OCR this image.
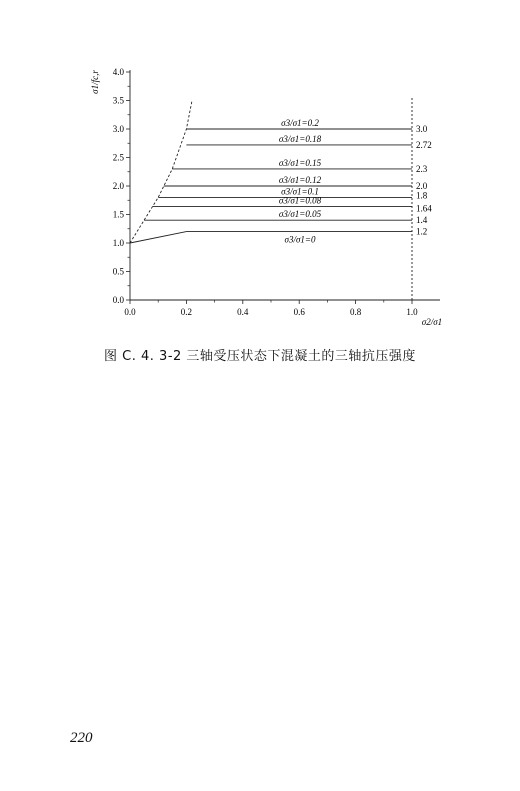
0.0	0.2	0.4	0.6	0.8	1.0
0.0
0.5
1.0
1.5
2.0
2.5
3.0
3.5
4.0
σ2/σ1
σ1/fc,r
σ3/σ1=0.2
3.0
σ3/σ1=0.18
2.72
σ3/σ1=0.15
2.3
σ3/σ1=0.12
2.0
σ3/σ1=0.1	1.8
σ3/σ1=0.08
1.64
σ3/σ1=0.05
1.4
σ3/σ1=0
1.2
图 C. 4. 3-2 三轴受压状态下混凝土的三轴抗压强度
220
